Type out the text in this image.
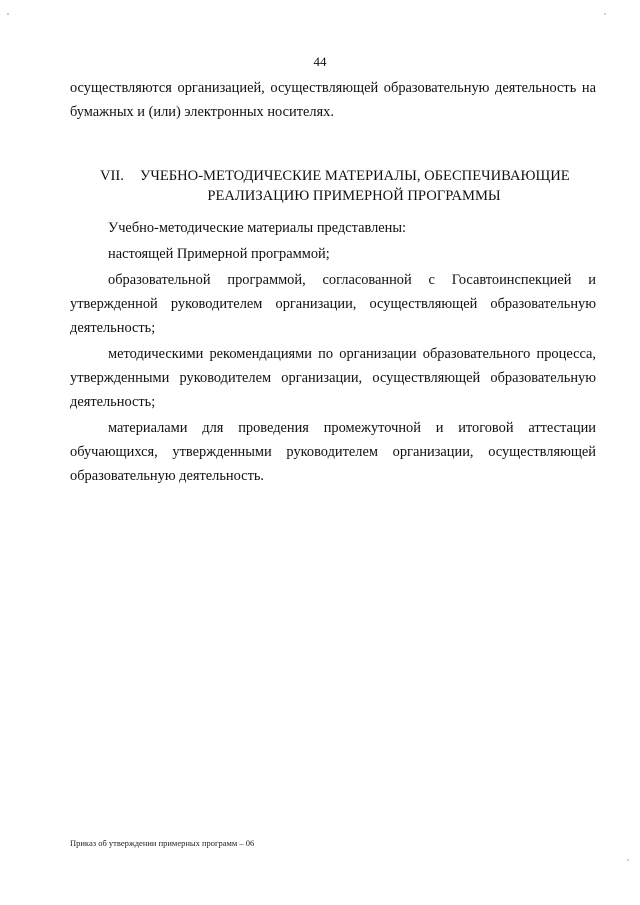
44
осуществляются организацией, осуществляющей образовательную деятельность на бумажных и (или) электронных носителях.
VII. УЧЕБНО-МЕТОДИЧЕСКИЕ МАТЕРИАЛЫ, ОБЕСПЕЧИВАЮЩИЕ
РЕАЛИЗАЦИЮ ПРИМЕРНОЙ ПРОГРАММЫ

Учебно-методические материалы представлены:

настоящей Примерной программой;

образовательной программой, согласованной с Госавтоинспекцией и утвержденной руководителем организации, осуществляющей образовательную деятельность;

методическими рекомендациями по организации образовательного процесса, утвержденными руководителем организации, осуществляющей образовательную деятельность;

материалами для проведения промежуточной и итоговой аттестации обучающихся, утвержденными руководителем организации, осуществляющей образовательную деятельность.

Приказ об утверждении примерных программ – 06
